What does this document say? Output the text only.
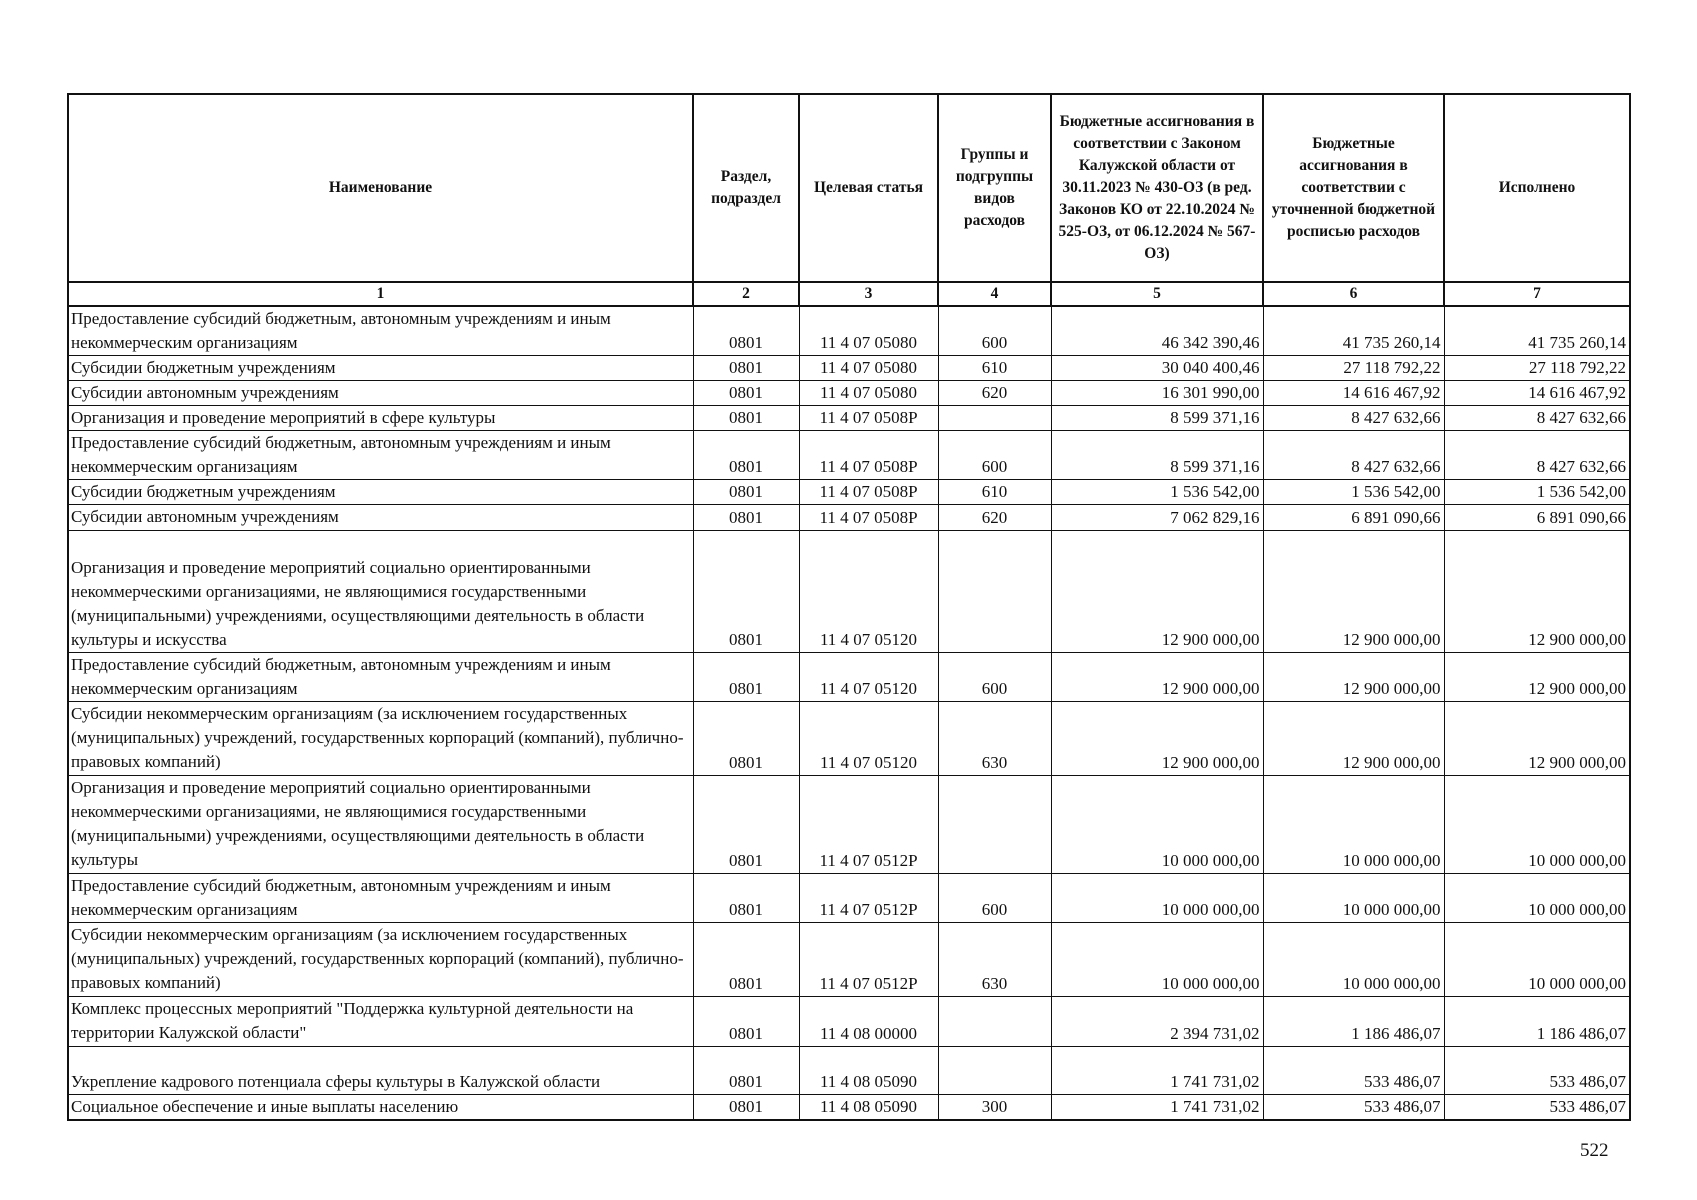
Наименование	Раздел, подраздел	Целевая статья	Группы и подгруппы видов расходов	Бюджетные ассигнования в соответствии с Законом Калужской области от 30.11.2023 № 430-ОЗ (в ред. Законов КО от 22.10.2024 № 525-ОЗ, от 06.12.2024 № 567-ОЗ)	Бюджетные ассигнования в соответствии с уточненной бюджетной росписью расходов	Исполнено
1	2	3	4	5	6	7
Предоставление субсидий бюджетным, автономным учреждениям и иным некоммерческим организациям	0801	11 4 07 05080	600	46 342 390,46	41 735 260,14	41 735 260,14
Субсидии бюджетным учреждениям	0801	11 4 07 05080	610	30 040 400,46	27 118 792,22	27 118 792,22
Субсидии автономным учреждениям	0801	11 4 07 05080	620	16 301 990,00	14 616 467,92	14 616 467,92
Организация и проведение мероприятий в сфере культуры	0801	11 4 07 0508Р		8 599 371,16	8 427 632,66	8 427 632,66
Предоставление субсидий бюджетным, автономным учреждениям и иным некоммерческим организациям	0801	11 4 07 0508Р	600	8 599 371,16	8 427 632,66	8 427 632,66
Субсидии бюджетным учреждениям	0801	11 4 07 0508Р	610	1 536 542,00	1 536 542,00	1 536 542,00
Субсидии автономным учреждениям	0801	11 4 07 0508Р	620	7 062 829,16	6 891 090,66	6 891 090,66
Организация и проведение мероприятий социально ориентированными некоммерческими организациями, не являющимися государственными (муниципальными) учреждениями, осуществляющими деятельность в области культуры и искусства	0801	11 4 07 05120		12 900 000,00	12 900 000,00	12 900 000,00
Предоставление субсидий бюджетным, автономным учреждениям и иным некоммерческим организациям	0801	11 4 07 05120	600	12 900 000,00	12 900 000,00	12 900 000,00
Субсидии некоммерческим организациям (за исключением государственных (муниципальных) учреждений, государственных корпораций (компаний), публично-правовых компаний)	0801	11 4 07 05120	630	12 900 000,00	12 900 000,00	12 900 000,00
Организация и проведение мероприятий социально ориентированными некоммерческими организациями, не являющимися государственными (муниципальными) учреждениями, осуществляющими деятельность в области культуры	0801	11 4 07 0512Р		10 000 000,00	10 000 000,00	10 000 000,00
Предоставление субсидий бюджетным, автономным учреждениям и иным некоммерческим организациям	0801	11 4 07 0512Р	600	10 000 000,00	10 000 000,00	10 000 000,00
Субсидии некоммерческим организациям (за исключением государственных (муниципальных) учреждений, государственных корпораций (компаний), публично-правовых компаний)	0801	11 4 07 0512Р	630	10 000 000,00	10 000 000,00	10 000 000,00
Комплекс процессных мероприятий "Поддержка культурной деятельности на территории Калужской области"	0801	11 4 08 00000		2 394 731,02	1 186 486,07	1 186 486,07
Укрепление кадрового потенциала сферы культуры в Калужской области	0801	11 4 08 05090		1 741 731,02	533 486,07	533 486,07
Социальное обеспечение и иные выплаты населению	0801	11 4 08 05090	300	1 741 731,02	533 486,07	533 486,07
522
